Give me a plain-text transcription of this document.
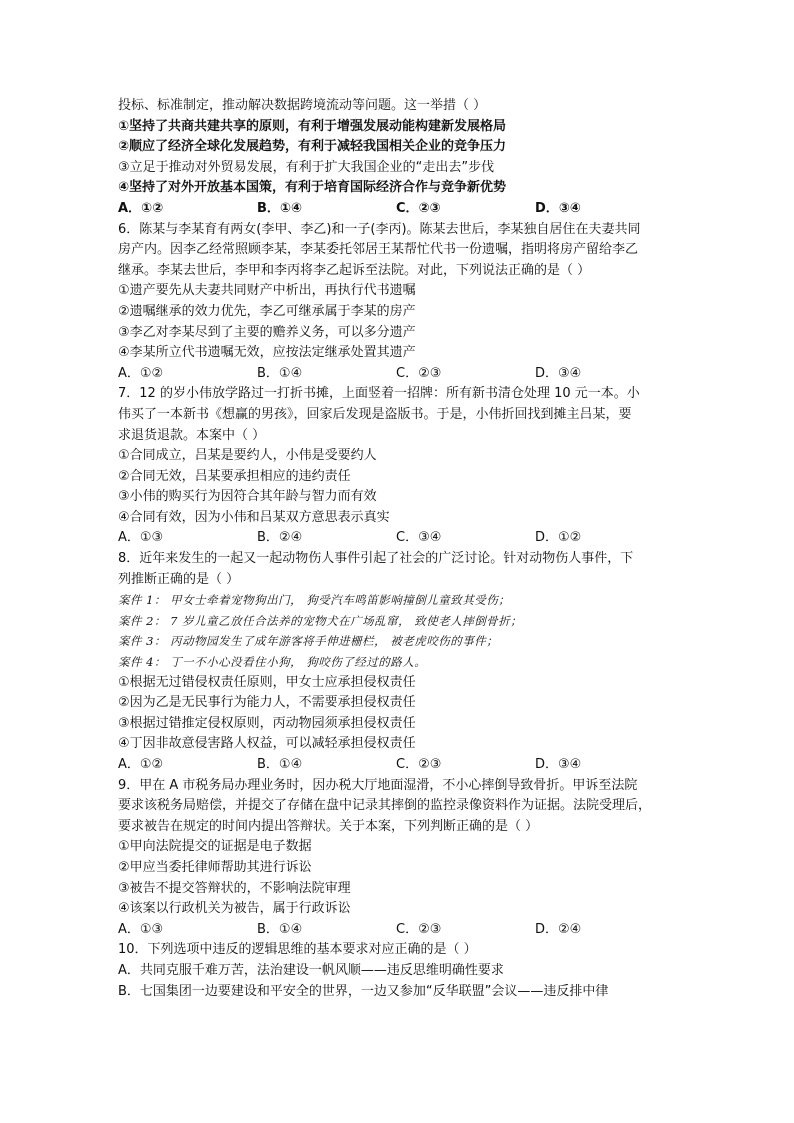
投标、标准制定，推动解决数据跨境流动等问题。这一举措（ ）
①坚持了共商共建共享的原则，有利于增强发展动能构建新发展格局
②顺应了经济全球化发展趋势，有利于减轻我国相关企业的竞争压力
③立足于推动对外贸易发展，有利于扩大我国企业的“走出去”步伐
④坚持了对外开放基本国策，有利于培育国际经济合作与竞争新优势
A．①②	B．①④	C．②③	D．③④
6．陈某与李某育有两女(李甲、李乙)和一子(李丙)。陈某去世后，李某独自居住在夫妻共同
房产内。因李乙经常照顾李某，李某委托邻居王某帮忙代书一份遗嘱，指明将房产留给李乙
继承。李某去世后，李甲和李丙将李乙起诉至法院。对此，下列说法正确的是（ ）
①遗产要先从夫妻共同财产中析出，再执行代书遗嘱
②遗嘱继承的效力优先，李乙可继承属于李某的房产
③李乙对李某尽到了主要的赡养义务，可以多分遗产
④李某所立代书遗嘱无效，应按法定继承处置其遗产
A．①②	B．①④	C．②③	D．③④
7．12 的岁小伟放学路过一打折书摊，上面竖着一招牌：所有新书清仓处理 10 元一本。小
伟买了一本新书《想赢的男孩》，回家后发现是盗版书。于是，小伟折回找到摊主吕某，要
求退货退款。本案中（ ）
①合同成立，吕某是要约人，小伟是受要约人
②合同无效，吕某要承担相应的违约责任
③小伟的购买行为因符合其年龄与智力而有效
④合同有效，因为小伟和吕某双方意思表示真实
A．①③	B．②④	C．③④	D．①②
8．近年来发生的一起又一起动物伤人事件引起了社会的广泛讨论。针对动物伤人事件，下
列推断正确的是（ ）
案件 1： 甲女士牵着宠物狗出门， 狗受汽车鸣笛影响撞倒儿童致其受伤；
案件 2： 7 岁儿童乙放任合法养的宠物犬在广场乱窜， 致使老人摔倒骨折；
案件 3： 丙动物园发生了成年游客将手伸进栅栏， 被老虎咬伤的事件；
案件 4： 丁一不小心没看住小狗， 狗咬伤了经过的路人。
①根据无过错侵权责任原则，甲女士应承担侵权责任
②因为乙是无民事行为能力人，不需要承担侵权责任
③根据过错推定侵权原则，丙动物园须承担侵权责任
④丁因非故意侵害路人权益，可以减轻承担侵权责任
A．①②	B．①④	C．②③	D．③④
9．甲在 A 市税务局办理业务时，因办税大厅地面湿滑，不小心摔倒导致骨折。甲诉至法院
要求该税务局赔偿，并提交了存储在盘中记录其摔倒的监控录像资料作为证据。法院受理后，
要求被告在规定的时间内提出答辩状。关于本案，下列判断正确的是（ ）
①甲向法院提交的证据是电子数据
②甲应当委托律师帮助其进行诉讼
③被告不提交答辩状的，不影响法院审理
④该案以行政机关为被告，属于行政诉讼
A．①③	B．①④	C．②③	D．②④
10．下列选项中违反的逻辑思维的基本要求对应正确的是（ ）
A．共同克服千难万苦，法治建设一帆风顺——违反思维明确性要求
B．七国集团一边要建设和平安全的世界，一边又参加“反华联盟”会议——违反排中律
